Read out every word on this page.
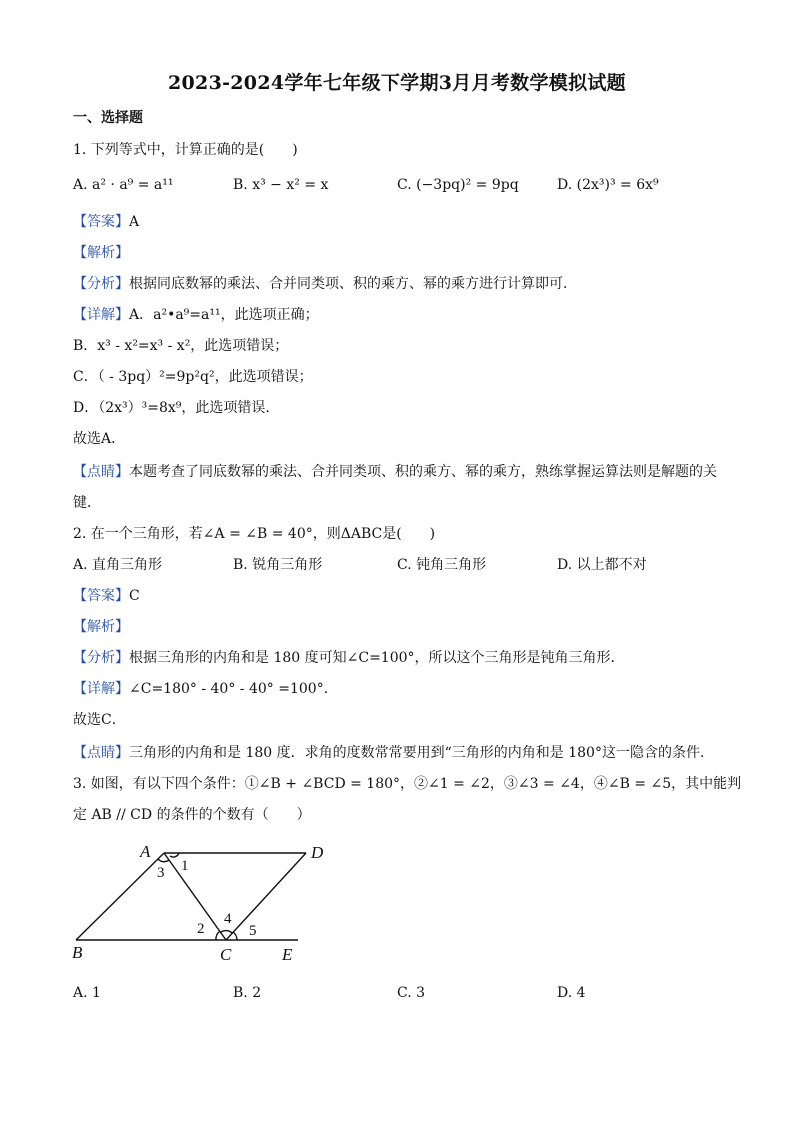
2023-2024学年七年级下学期3月月考数学模拟试题
一、选择题
1. 下列等式中，计算正确的是(　　)
A. a² · a⁹ = a¹¹	B. x³ − x² = x	C. (−3pq)² = 9pq	D. (2x³)³ = 6x⁹
【答案】A
【解析】
【分析】根据同底数幂的乘法、合并同类项、积的乘方、幂的乘方进行计算即可．
【详解】A．a²•a⁹=a¹¹，此选项正确；
B．x³ - x²=x³ - x²，此选项错误；
C．（ - 3pq）²=9p²q²，此选项错误；
D．（2x³）³=8x⁹，此选项错误．
故选A．
【点睛】本题考查了同底数幂的乘法、合并同类项、积的乘方、幂的乘方，熟练掌握运算法则是解题的关
键．
2. 在一个三角形，若∠A = ∠B = 40°，则ΔABC是(　　)
A. 直角三角形	B. 锐角三角形	C. 钝角三角形	D. 以上都不对
【答案】C
【解析】
【分析】根据三角形的内角和是 180 度可知∠C=100°，所以这个三角形是钝角三角形．
【详解】∠C=180° - 40° - 40° =100°．
故选C．
【点睛】三角形的内角和是 180 度．求角的度数常常要用到“三角形的内角和是 180°这一隐含的条件．
3. 如图，有以下四个条件：①∠B + ∠BCD = 180°，②∠1 = ∠2，③∠3 = ∠4，④∠B = ∠5，其中能判
定 AB // CD 的条件的个数有（　　）
A	D
B	C	E
1
3
2
4
5
A. 1	B. 2	C. 3	D. 4
